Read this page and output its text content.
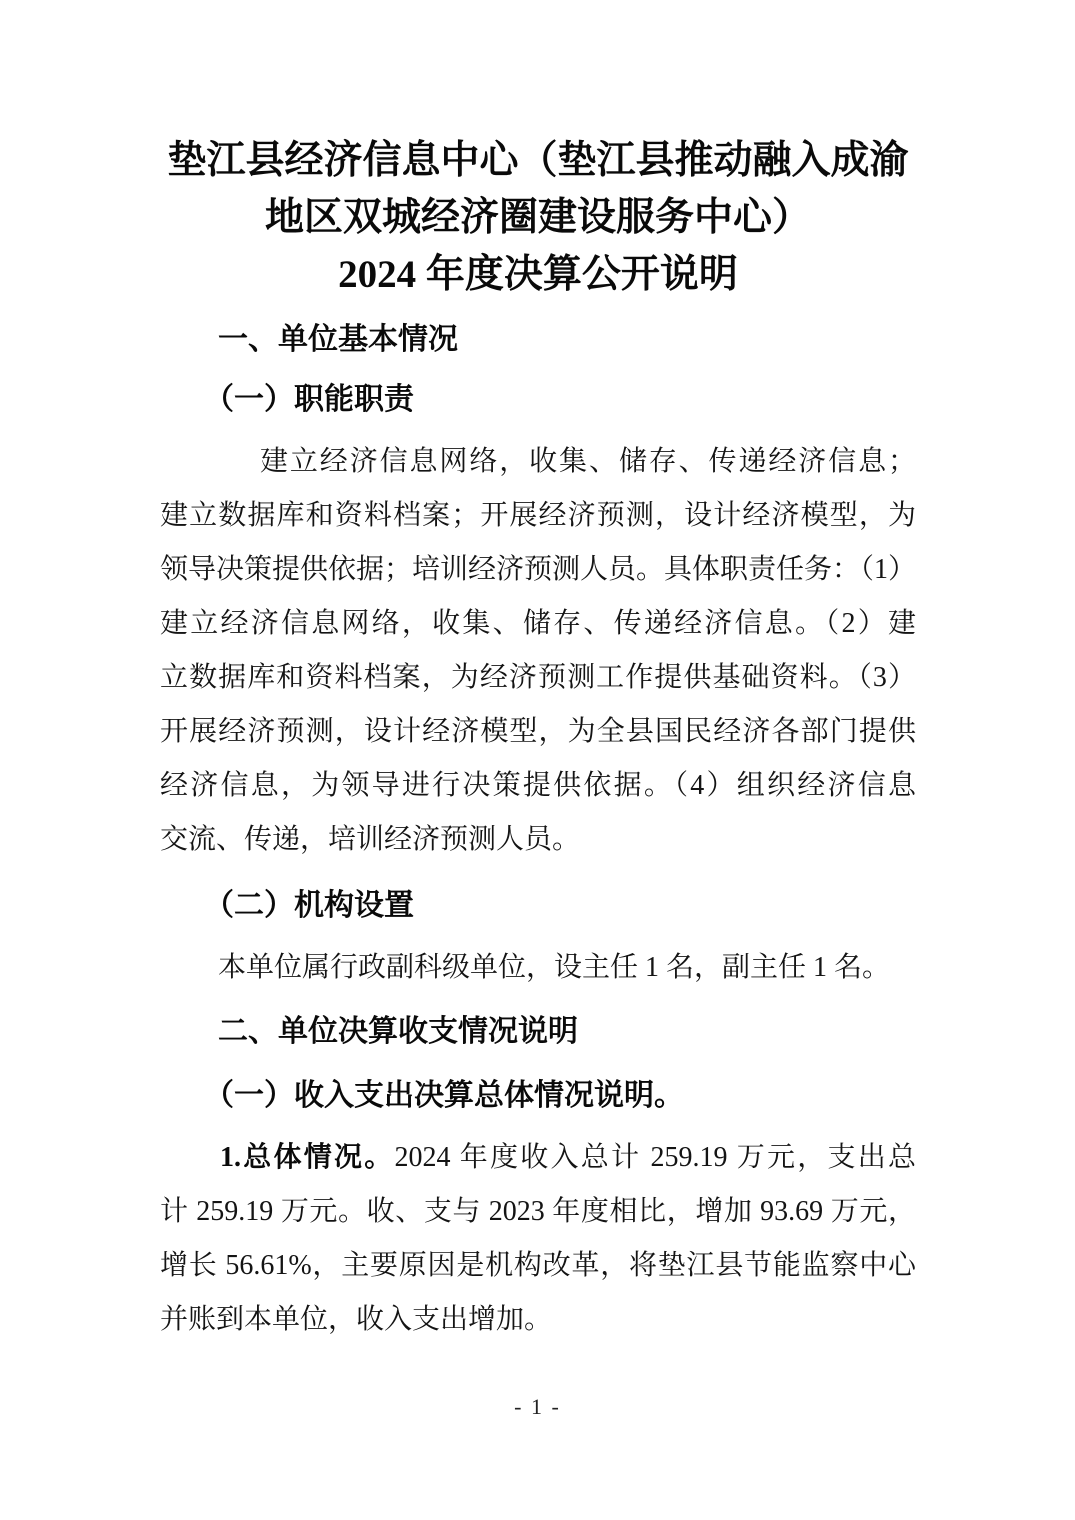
垫江县经济信息中心（垫江县推动融入成渝
地区双城经济圈建设服务中心）
2024 年度决算公开说明
一、单位基本情况
（一）职能职责
建立经济信息网络，收集、储存、传递经济信息；
建立数据库和资料档案；开展经济预测，设计经济模型，为
领导决策提供依据；培训经济预测人员。具体职责任务：（1）
建立经济信息网络，收集、储存、传递经济信息。（2）建
立数据库和资料档案，为经济预测工作提供基础资料。（3）
开展经济预测，设计经济模型，为全县国民经济各部门提供
经济信息，为领导进行决策提供依据。（4）组织经济信息
交流、传递，培训经济预测人员。
（二）机构设置
本单位属行政副科级单位，设主任 1 名，副主任 1 名。
二、单位决算收支情况说明
（一）收入支出决算总体情况说明。
1.总体情况。2024 年度收入总计 259.19 万元，支出总
计 259.19 万元。收、支与 2023 年度相比，增加 93.69 万元，
增长 56.61%，主要原因是机构改革，将垫江县节能监察中心
并账到本单位，收入支出增加。
- 1 -
